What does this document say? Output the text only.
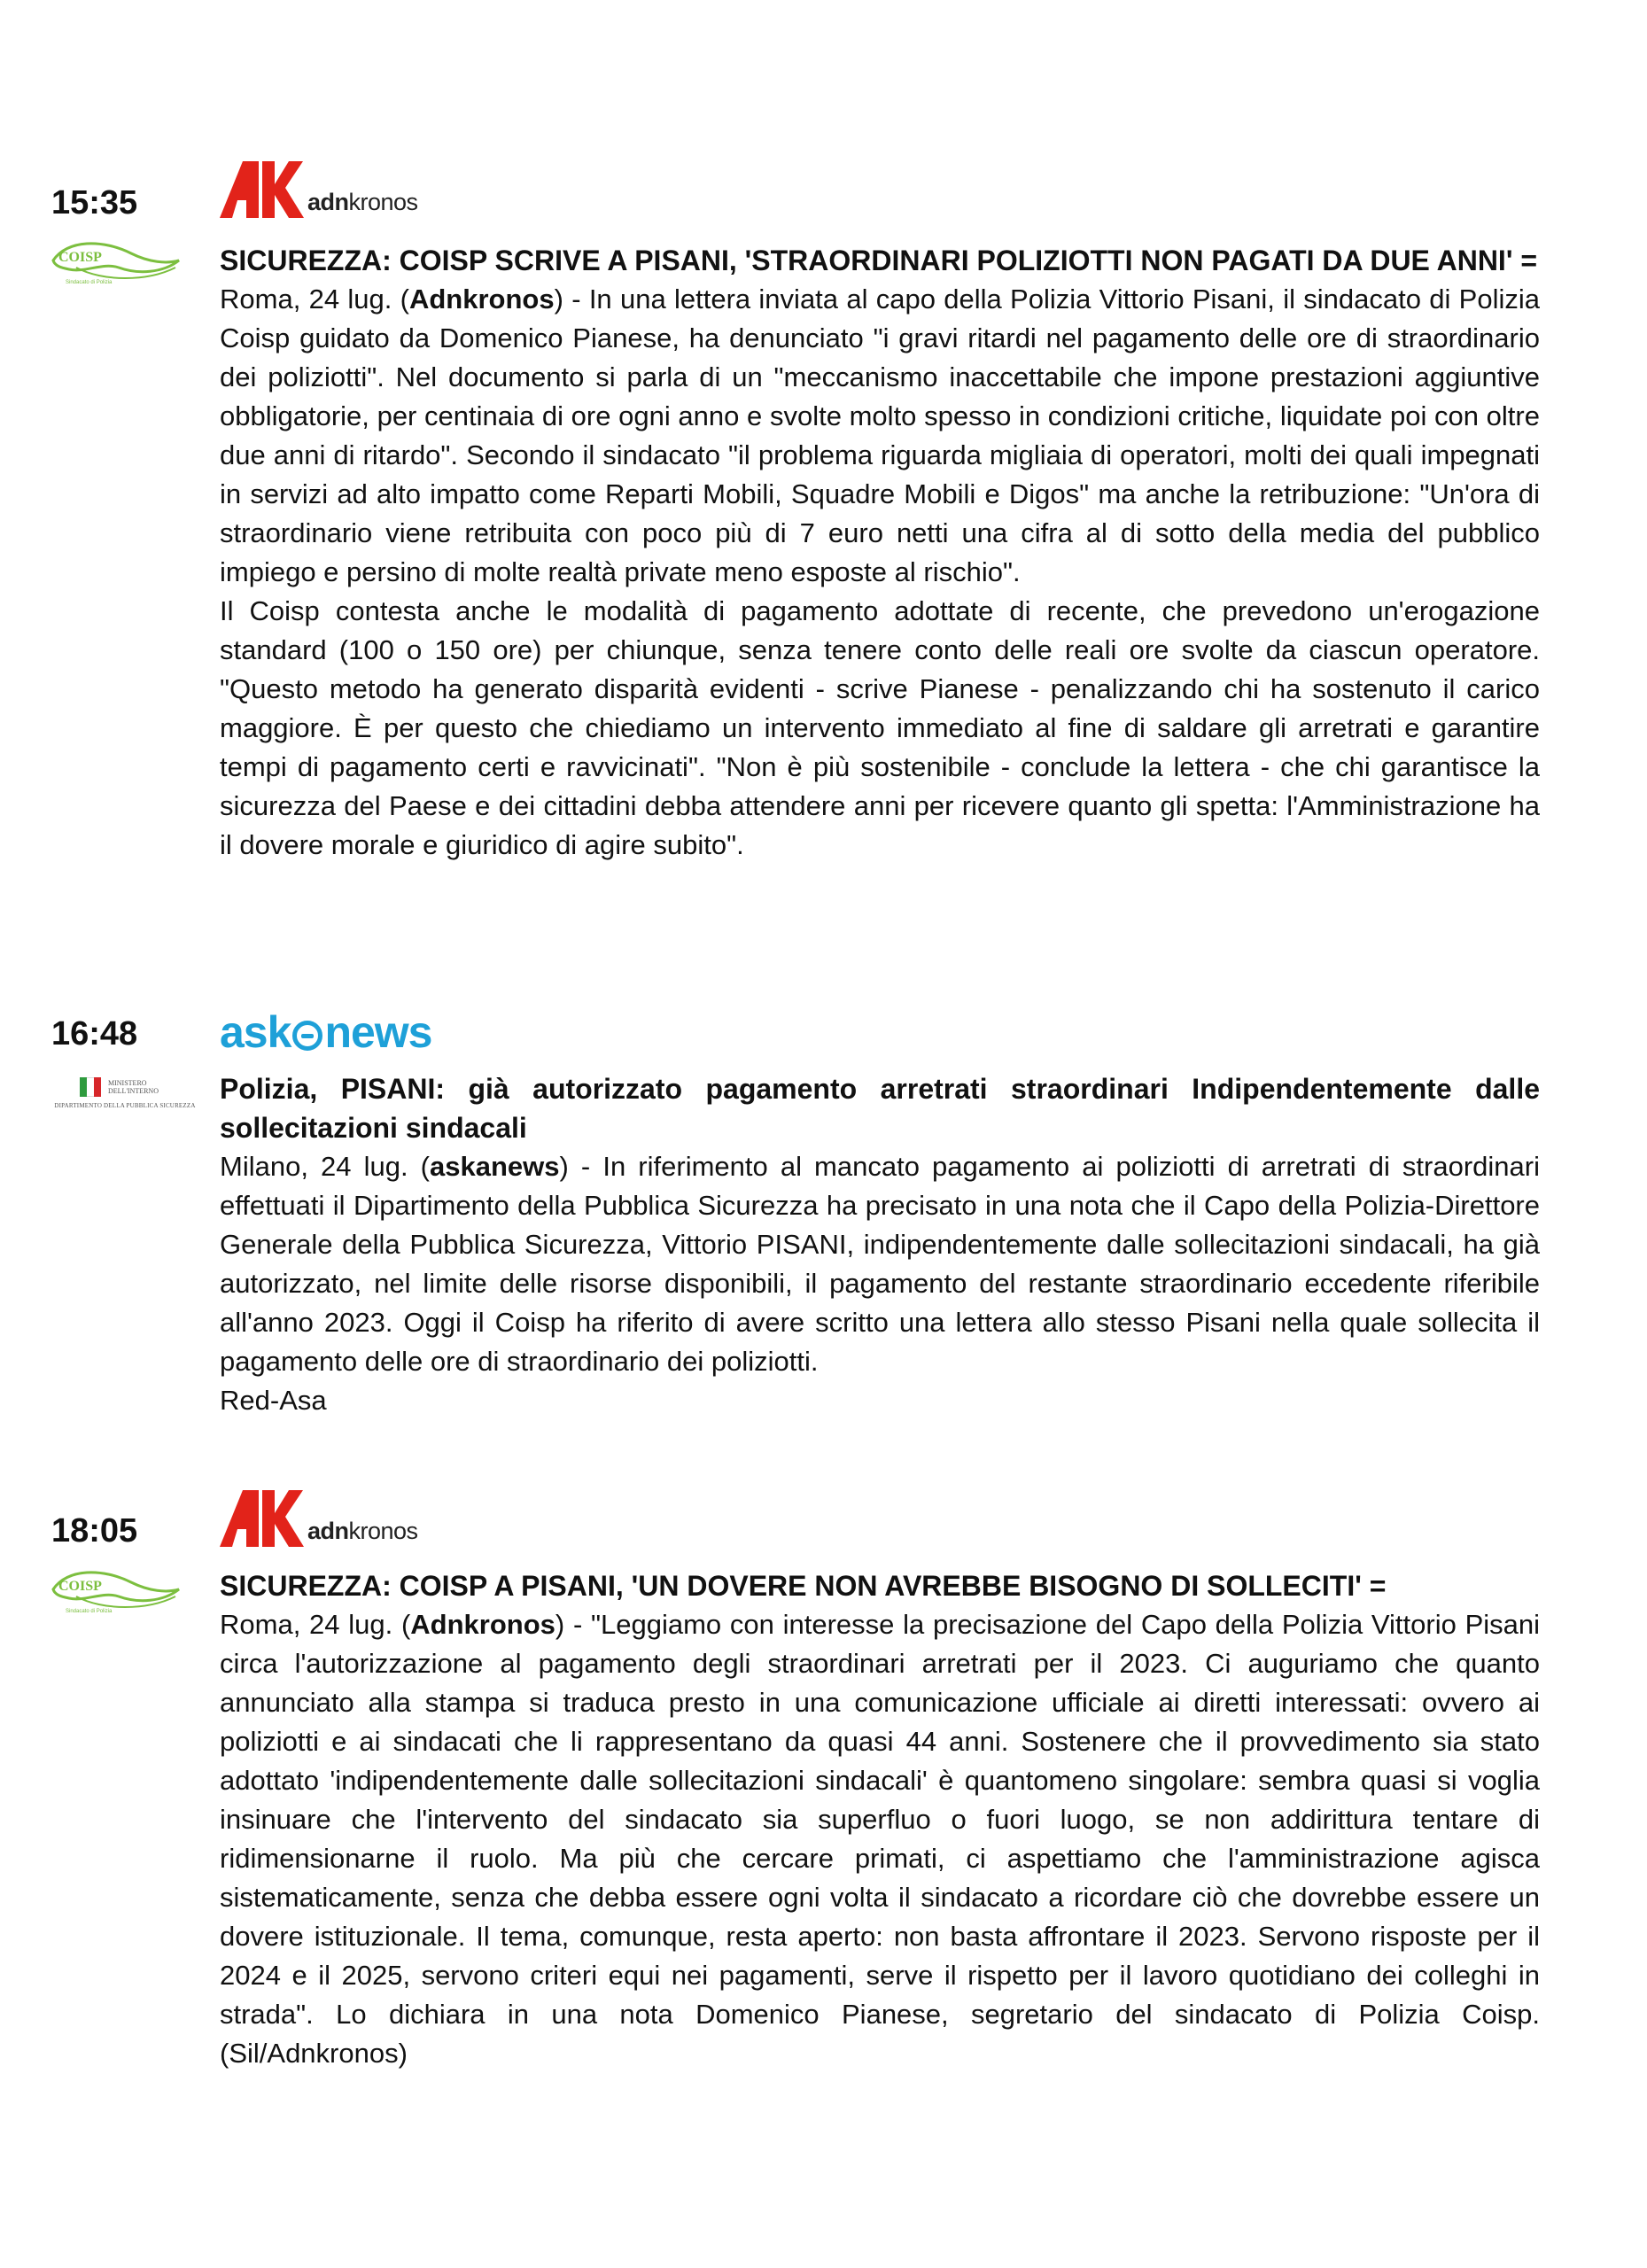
15:35
COISP
Sindacato di Polizia
adnkronos

SICUREZZA: COISP SCRIVE A PISANI, 'STRAORDINARI POLIZIOTTI NON PAGATI DA DUE ANNI' =

Roma, 24 lug. (Adnkronos) - In una lettera inviata al capo della Polizia Vittorio Pisani, il sindacato di Polizia Coisp guidato da Domenico Pianese, ha denunciato "i gravi ritardi nel pagamento delle ore di straordinario dei poliziotti". Nel documento si parla di un "meccanismo inaccettabile che impone prestazioni aggiuntive obbligatorie, per centinaia di ore ogni anno e svolte molto spesso in condizioni critiche, liquidate poi con oltre due anni di ritardo". Secondo il sindacato "il problema riguarda migliaia di operatori, molti dei quali impegnati in servizi ad alto impatto come Reparti Mobili, Squadre Mobili e Digos" ma anche la retribuzione: "Un'ora di straordinario viene retribuita con poco più di 7 euro netti una cifra al di sotto della media del pubblico impiego e persino di molte realtà private meno esposte al rischio".

Il Coisp contesta anche le modalità di pagamento adottate di recente, che prevedono un'erogazione standard (100 o 150 ore) per chiunque, senza tenere conto delle reali ore svolte da ciascun operatore. "Questo metodo ha generato disparità evidenti - scrive Pianese - penalizzando chi ha sostenuto il carico maggiore. È per questo che chiediamo un intervento immediato al fine di saldare gli arretrati e garantire tempi di pagamento certi e ravvicinati". "Non è più sostenibile - conclude la lettera - che chi garantisce la sicurezza del Paese e dei cittadini debba attendere anni per ricevere quanto gli spetta: l'Amministrazione ha il dovere morale e giuridico di agire subito".

16:48
MINISTERO DELL'INTERNO
DIPARTIMENTO DELLA PUBBLICA SICUREZZA
ask news

Polizia, PISANI: già autorizzato pagamento arretrati straordinari Indipendentemente dalle sollecitazioni sindacali

Milano, 24 lug. (askanews) - In riferimento al mancato pagamento ai poliziotti di arretrati di straordinari effettuati il Dipartimento della Pubblica Sicurezza ha precisato in una nota che il Capo della Polizia-Direttore Generale della Pubblica Sicurezza, Vittorio PISANI, indipendentemente dalle sollecitazioni sindacali, ha già autorizzato, nel limite delle risorse disponibili, il pagamento del restante straordinario eccedente riferibile all'anno 2023. Oggi il Coisp ha riferito di avere scritto una lettera allo stesso Pisani nella quale sollecita il pagamento delle ore di straordinario dei poliziotti.

Red-Asa

18:05
COISP
Sindacato di Polizia
adnkronos

SICUREZZA: COISP A PISANI, 'UN DOVERE NON AVREBBE BISOGNO DI SOLLECITI' =

Roma, 24 lug. (Adnkronos) - "Leggiamo con interesse la precisazione del Capo della Polizia Vittorio Pisani circa l'autorizzazione al pagamento degli straordinari arretrati per il 2023. Ci auguriamo che quanto annunciato alla stampa si traduca presto in una comunicazione ufficiale ai diretti interessati: ovvero ai poliziotti e ai sindacati che li rappresentano da quasi 44 anni. Sostenere che il provvedimento sia stato adottato 'indipendentemente dalle sollecitazioni sindacali' è quantomeno singolare: sembra quasi si voglia insinuare che l'intervento del sindacato sia superfluo o fuori luogo, se non addirittura tentare di ridimensionarne il ruolo. Ma più che cercare primati, ci aspettiamo che l'amministrazione agisca sistematicamente, senza che debba essere ogni volta il sindacato a ricordare ciò che dovrebbe essere un dovere istituzionale. Il tema, comunque, resta aperto: non basta affrontare il 2023. Servono risposte per il 2024 e il 2025, servono criteri equi nei pagamenti, serve il rispetto per il lavoro quotidiano dei colleghi in strada". Lo dichiara in una nota Domenico Pianese, segretario del sindacato di Polizia Coisp. (Sil/Adnkronos)
